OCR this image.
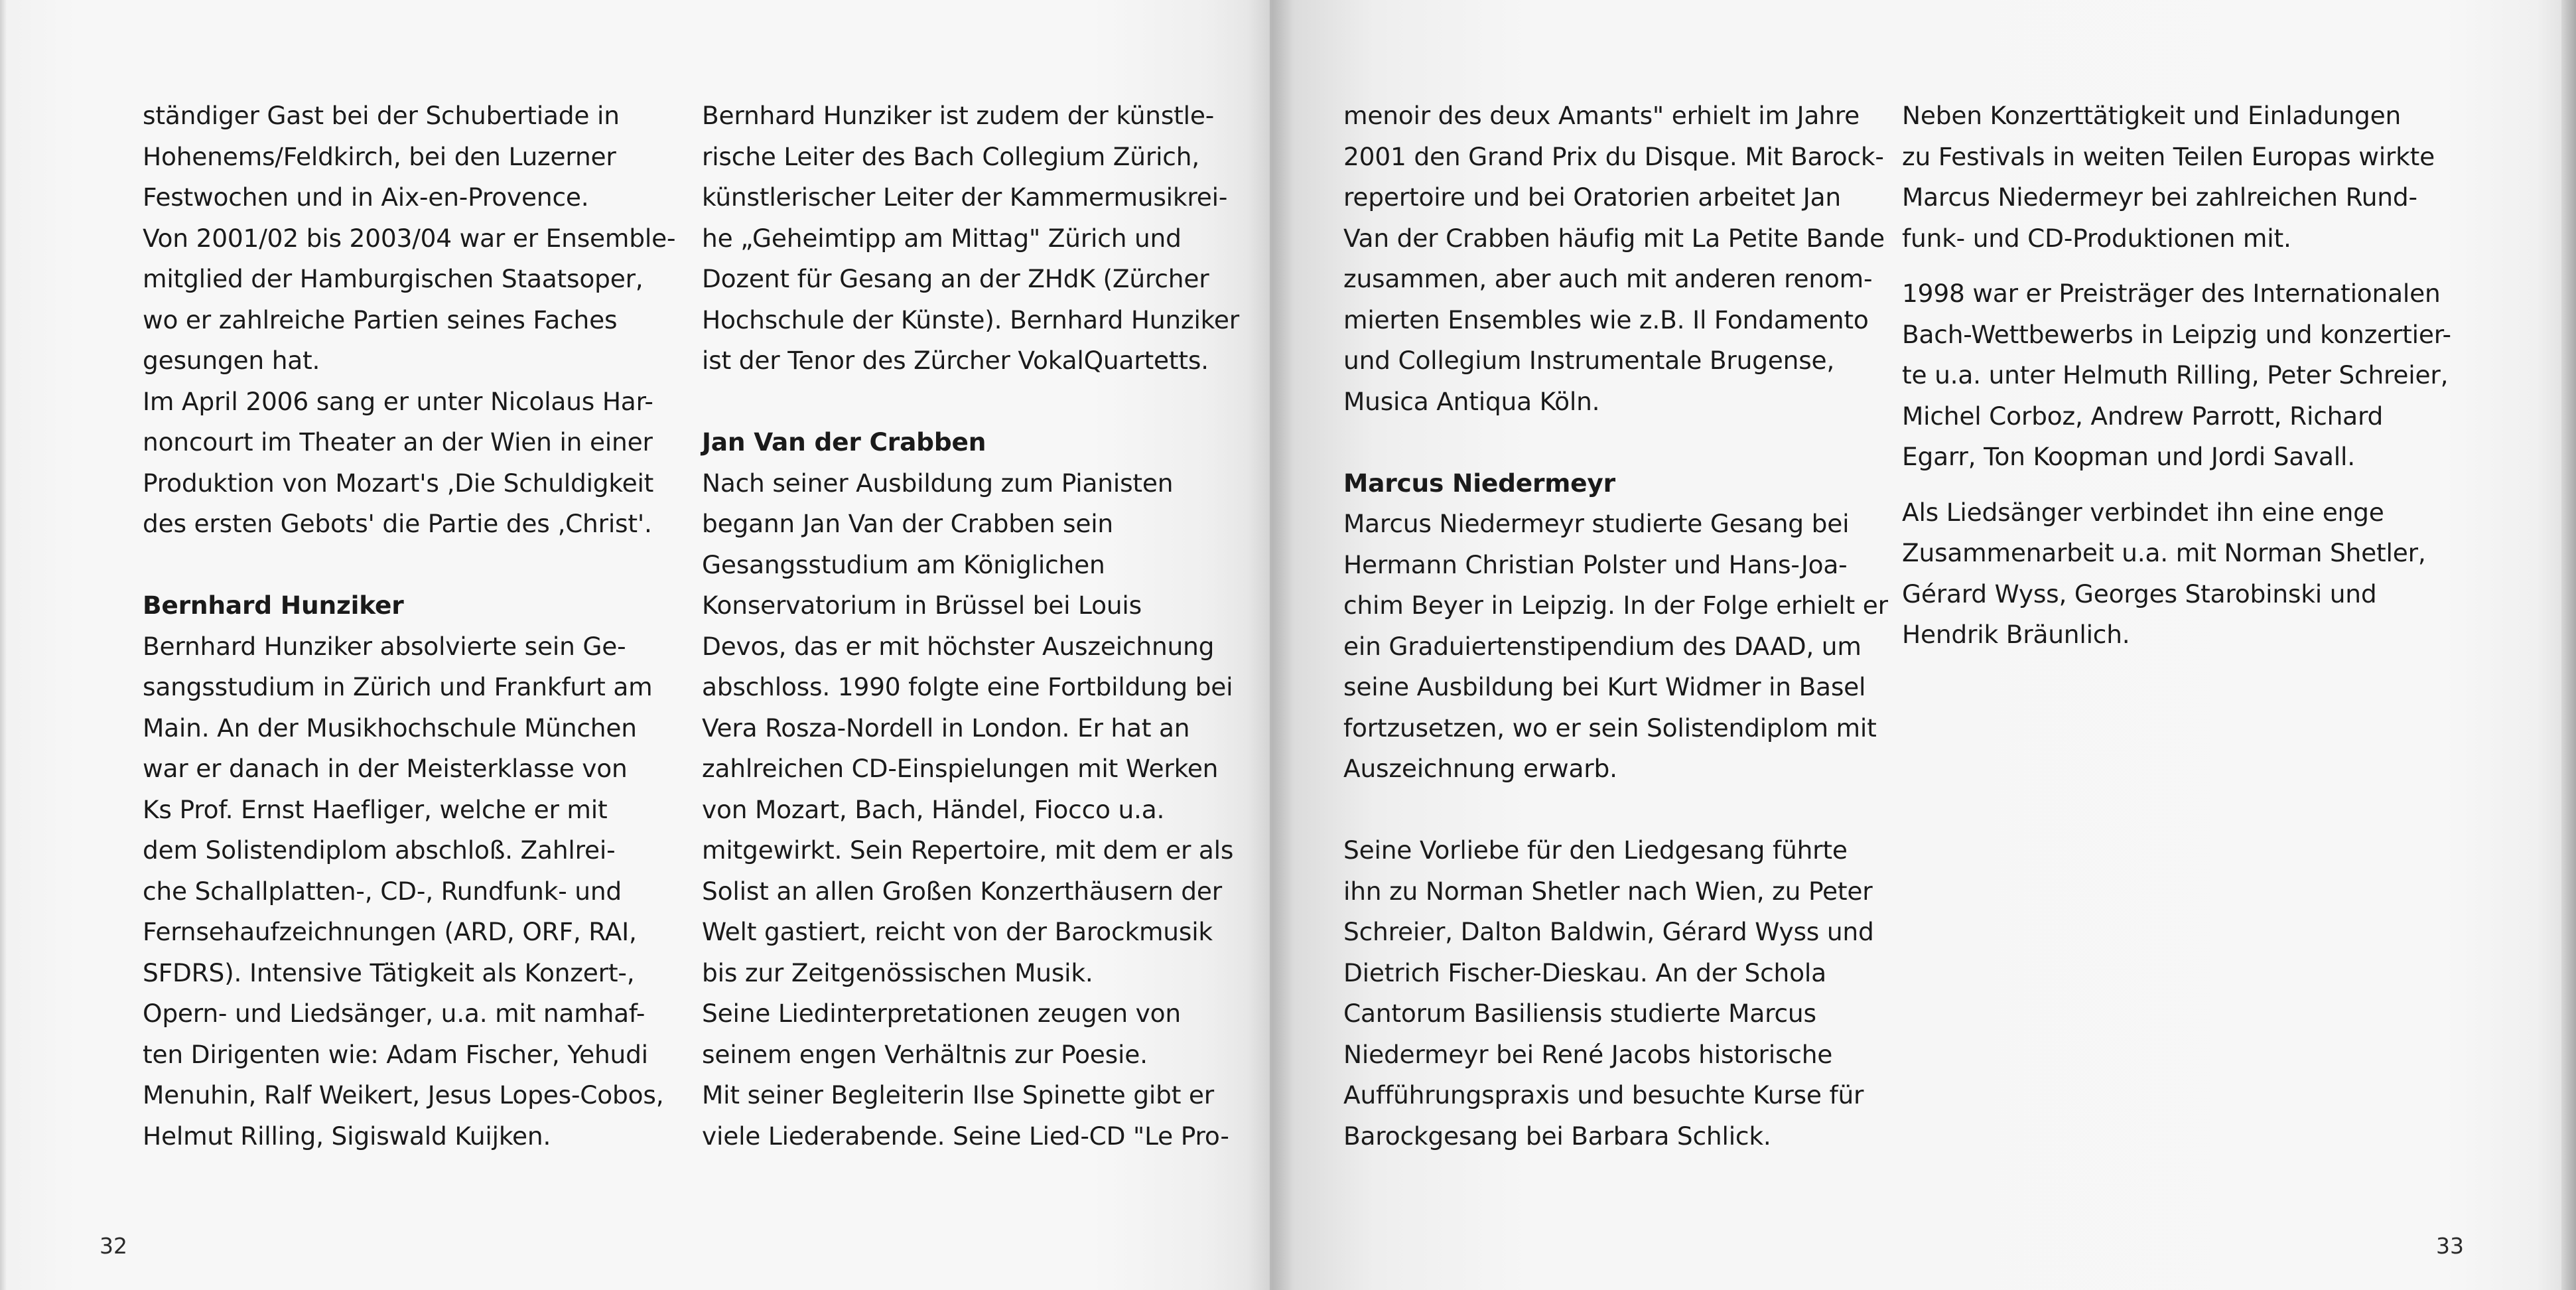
ständiger Gast bei der Schubertiade in
Hohenems/Feldkirch, bei den Luzerner
Festwochen und in Aix-en-Provence.
Von 2001/02 bis 2003/04 war er Ensemble-
mitglied der Hamburgischen Staatsoper,
wo er zahlreiche Partien seines Faches
gesungen hat.
Im April 2006 sang er unter Nicolaus Har-
noncourt im Theater an der Wien in einer
Produktion von Mozart's ‚Die Schuldigkeit
des ersten Gebots' die Partie des ‚Christ'.
Bernhard Hunziker
Bernhard Hunziker absolvierte sein Ge-
sangsstudium in Zürich und Frankfurt am
Main. An der Musikhochschule München
war er danach in der Meisterklasse von
Ks Prof. Ernst Haefliger, welche er mit
dem Solistendiplom abschloß. Zahlrei-
che Schallplatten-, CD-, Rundfunk- und
Fernsehaufzeichnungen (ARD, ORF, RAI,
SFDRS). Intensive Tätigkeit als Konzert-,
Opern- und Liedsänger, u.a. mit namhaf-
ten Dirigenten wie: Adam Fischer, Yehudi
Menuhin, Ralf Weikert, Jesus Lopes-Cobos,
Helmut Rilling, Sigiswald Kuijken.
Bernhard Hunziker ist zudem der künstle-
rische Leiter des Bach Collegium Zürich,
künstlerischer Leiter der Kammermusikrei-
he „Geheimtipp am Mittag" Zürich und
Dozent für Gesang an der ZHdK (Zürcher
Hochschule der Künste). Bernhard Hunziker
ist der Tenor des Zürcher VokalQuartetts.
Jan Van der Crabben
Nach seiner Ausbildung zum Pianisten
begann Jan Van der Crabben sein
Gesangsstudium am Königlichen
Konservatorium in Brüssel bei Louis
Devos, das er mit höchster Auszeichnung
abschloss. 1990 folgte eine Fortbildung bei
Vera Rosza-Nordell in London. Er hat an
zahlreichen CD-Einspielungen mit Werken
von Mozart, Bach, Händel, Fiocco u.a.
mitgewirkt. Sein Repertoire, mit dem er als
Solist an allen Großen Konzerthäusern der
Welt gastiert, reicht von der Barockmusik
bis zur Zeitgenössischen Musik.
Seine Liedinterpretationen zeugen von
seinem engen Verhältnis zur Poesie.
Mit seiner Begleiterin Ilse Spinette gibt er
viele Liederabende. Seine Lied-CD "Le Pro-
32
menoir des deux Amants" erhielt im Jahre
2001 den Grand Prix du Disque. Mit Barock-
repertoire und bei Oratorien arbeitet Jan
Van der Crabben häufig mit La Petite Bande
zusammen, aber auch mit anderen renom-
mierten Ensembles wie z.B. Il Fondamento
und Collegium Instrumentale Brugense,
Musica Antiqua Köln.
Marcus Niedermeyr
Marcus Niedermeyr studierte Gesang bei
Hermann Christian Polster und Hans-Joa-
chim Beyer in Leipzig. In der Folge erhielt er
ein Graduiertenstipendium des DAAD, um
seine Ausbildung bei Kurt Widmer in Basel
fortzusetzen, wo er sein Solistendiplom mit
Auszeichnung erwarb.
Seine Vorliebe für den Liedgesang führte
ihn zu Norman Shetler nach Wien, zu Peter
Schreier, Dalton Baldwin, Gérard Wyss und
Dietrich Fischer-Dieskau. An der Schola
Cantorum Basiliensis studierte Marcus
Niedermeyr bei René Jacobs historische
Aufführungspraxis und besuchte Kurse für
Barockgesang bei Barbara Schlick.
Neben Konzerttätigkeit und Einladungen
zu Festivals in weiten Teilen Europas wirkte
Marcus Niedermeyr bei zahlreichen Rund-
funk- und CD-Produktionen mit.
1998 war er Preisträger des Internationalen
Bach-Wettbewerbs in Leipzig und konzertier-
te u.a. unter Helmuth Rilling, Peter Schreier,
Michel Corboz, Andrew Parrott, Richard
Egarr, Ton Koopman und Jordi Savall.
Als Liedsänger verbindet ihn eine enge
Zusammenarbeit u.a. mit Norman Shetler,
Gérard Wyss, Georges Starobinski und
Hendrik Bräunlich.
33
